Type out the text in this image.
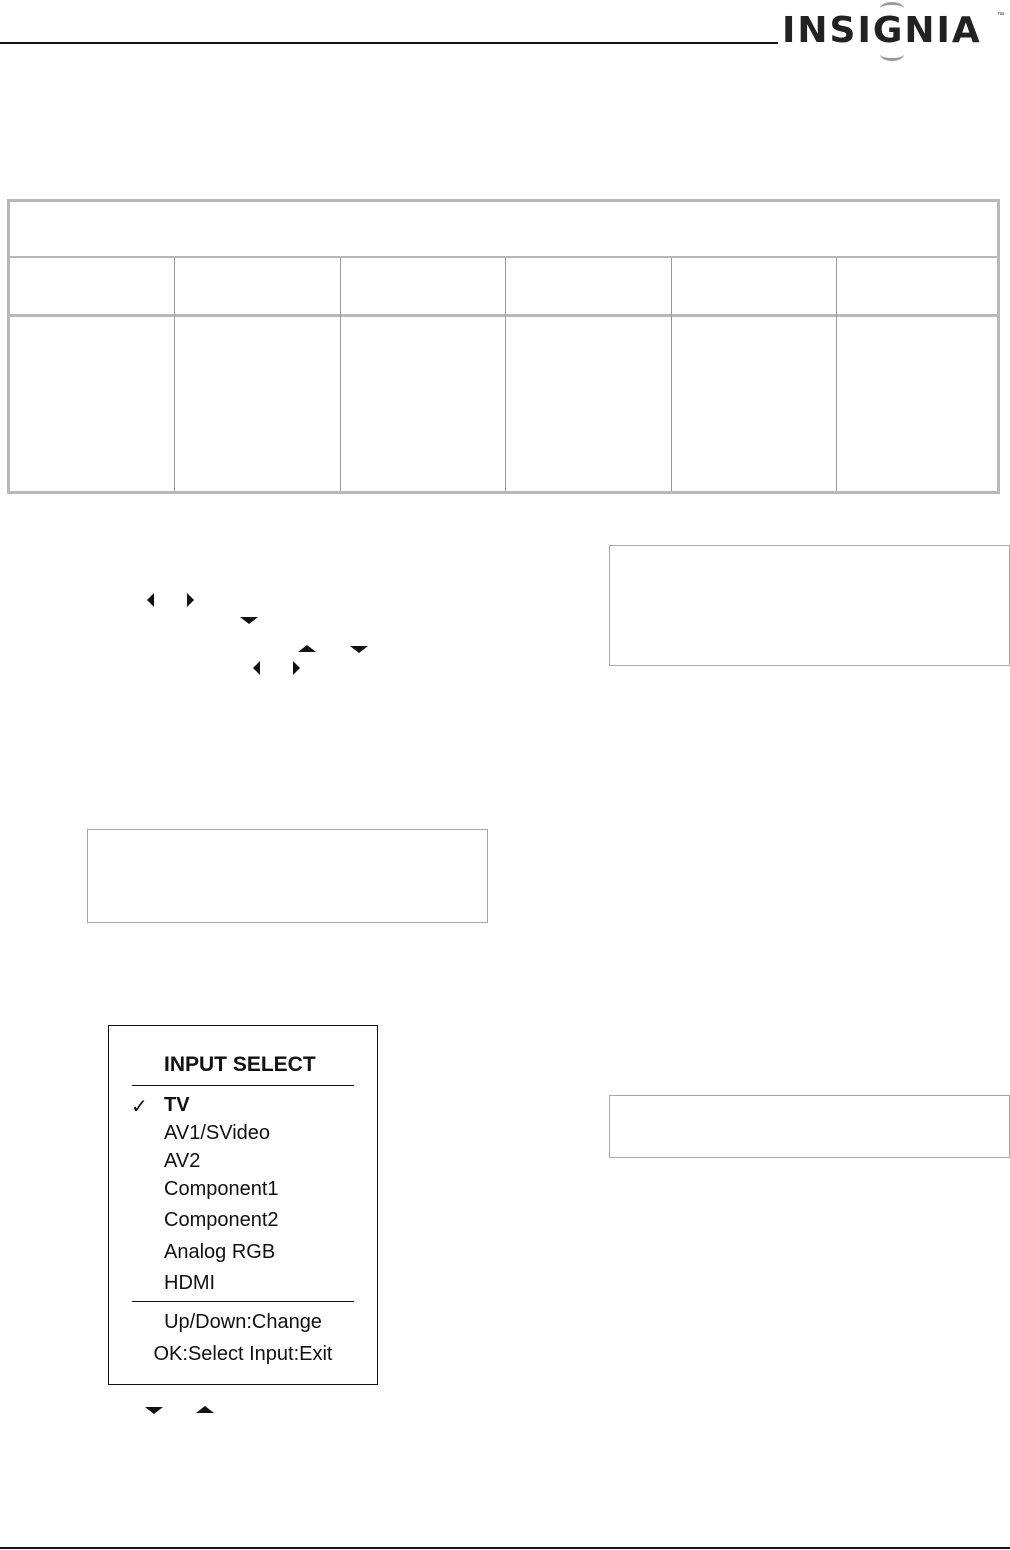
INSIGNIA ™
INPUT SELECT
✓ TV
AV1/SVideo
AV2
Component1
Component2
Analog RGB
HDMI
Up/Down:Change
OK:Select Input:Exit
